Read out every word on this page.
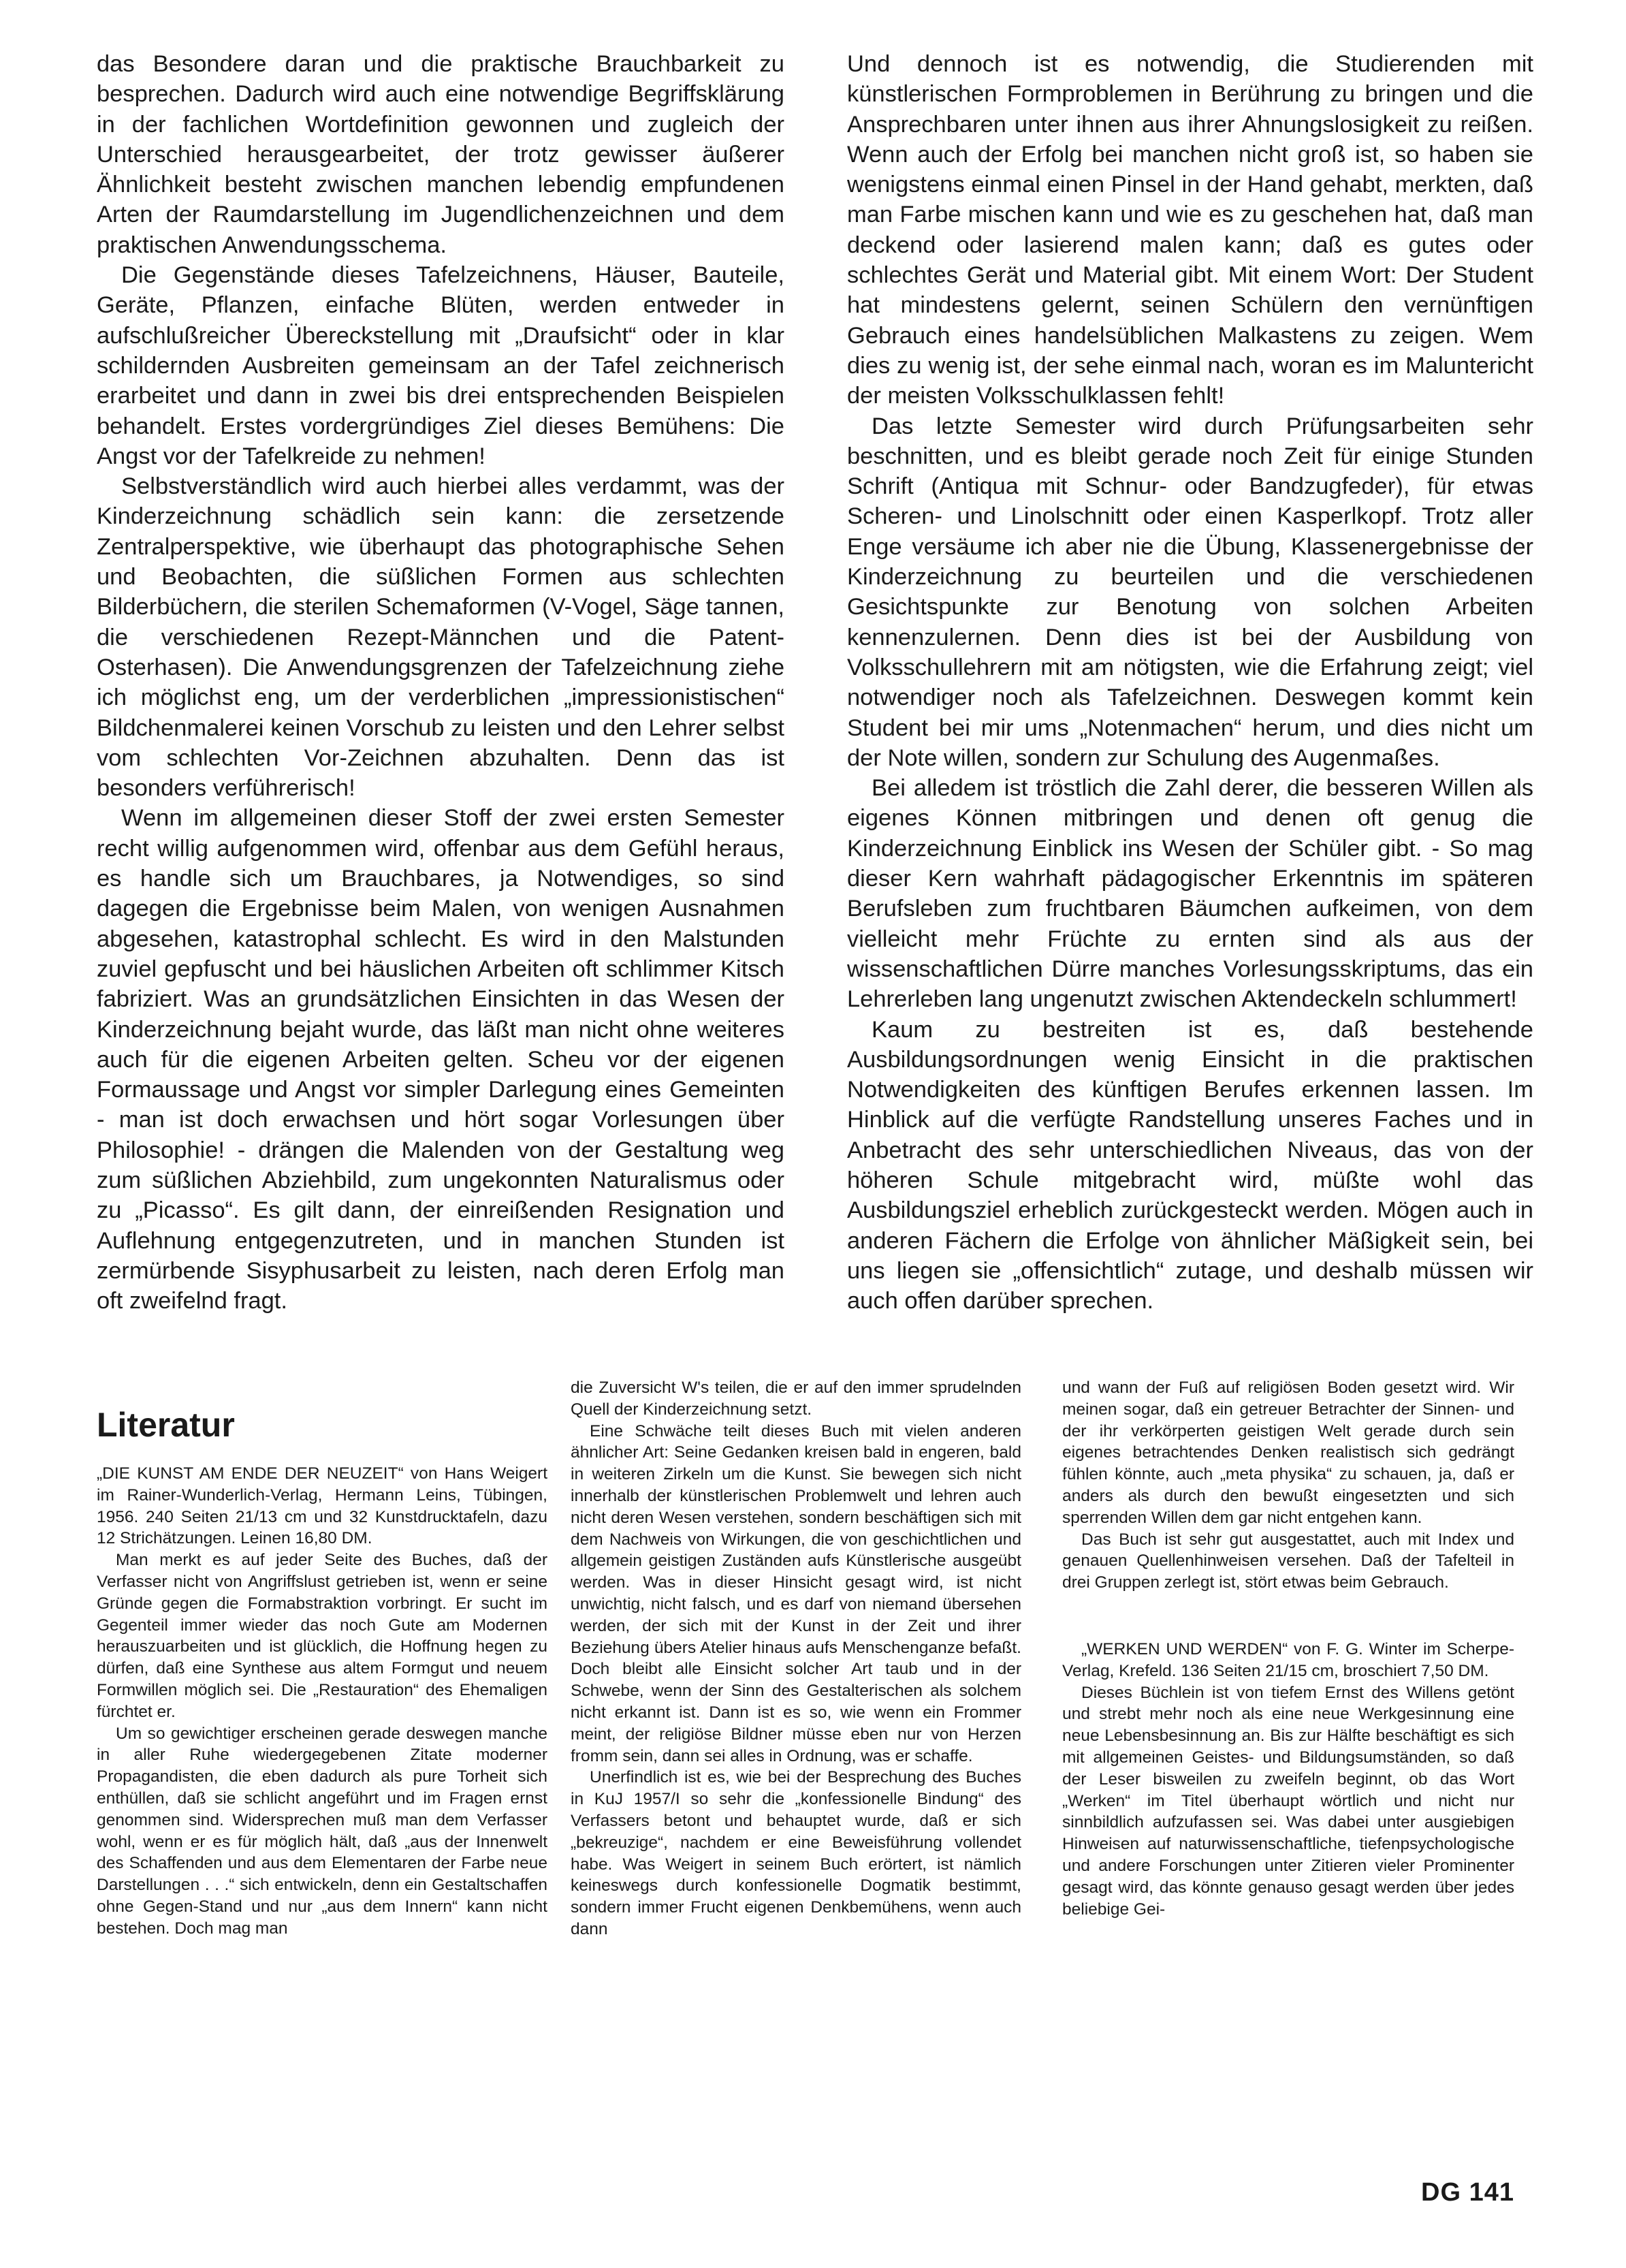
das Besondere daran und die praktische Brauchbarkeit zu besprechen. Dadurch wird auch eine notwendige Begriffsklärung in der fachlichen Wortdefinition gewonnen und zugleich der Unterschied herausgearbeitet, der trotz gewisser äußerer Ähnlichkeit besteht zwischen manchen lebendig empfundenen Arten der Raumdarstellung im Jugendlichenzeichnen und dem praktischen Anwendungsschema.

Die Gegenstände dieses Tafelzeichnens, Häuser, Bauteile, Geräte, Pflanzen, einfache Blüten, werden entweder in aufschlußreicher Übereckstellung mit „Draufsicht“ oder in klar schildernden Ausbreiten gemeinsam an der Tafel zeichnerisch erarbeitet und dann in zwei bis drei entsprechenden Beispielen behandelt. Erstes vordergründiges Ziel dieses Bemühens: Die Angst vor der Tafelkreide zu nehmen!

Selbstverständlich wird auch hierbei alles verdammt, was der Kinderzeichnung schädlich sein kann: die zersetzende Zentralperspektive, wie überhaupt das photographische Sehen und Beobachten, die süßlichen Formen aus schlechten Bilderbüchern, die sterilen Schemaformen (V-Vogel, Säge tannen, die verschiedenen Rezept-Männchen und die Patent-Osterhasen). Die Anwendungsgrenzen der Tafelzeichnung ziehe ich möglichst eng, um der verderblichen „impressionistischen“ Bildchenmalerei keinen Vorschub zu leisten und den Lehrer selbst vom schlechten Vor-Zeichnen abzuhalten. Denn das ist besonders verführerisch!

Wenn im allgemeinen dieser Stoff der zwei ersten Semester recht willig aufgenommen wird, offenbar aus dem Gefühl heraus, es handle sich um Brauchbares, ja Notwendiges, so sind dagegen die Ergebnisse beim Malen, von wenigen Ausnahmen abgesehen, katastrophal schlecht. Es wird in den Malstunden zuviel gepfuscht und bei häuslichen Arbeiten oft schlimmer Kitsch fabriziert. Was an grundsätzlichen Einsichten in das Wesen der Kinderzeichnung bejaht wurde, das läßt man nicht ohne weiteres auch für die eigenen Arbeiten gelten. Scheu vor der eigenen Formaussage und Angst vor simpler Darlegung eines Gemeinten - man ist doch erwachsen und hört sogar Vorlesungen über Philosophie! - drängen die Malenden von der Gestaltung weg zum süßlichen Abziehbild, zum ungekonnten Naturalismus oder zu „Picasso“. Es gilt dann, der einreißenden Resignation und Auflehnung entgegenzutreten, und in manchen Stunden ist zermürbende Sisyphusarbeit zu leisten, nach deren Erfolg man oft zweifelnd fragt.

Und dennoch ist es notwendig, die Studierenden mit künstlerischen Formproblemen in Berührung zu bringen und die Ansprechbaren unter ihnen aus ihrer Ahnungslosigkeit zu reißen. Wenn auch der Erfolg bei manchen nicht groß ist, so haben sie wenigstens einmal einen Pinsel in der Hand gehabt, merkten, daß man Farbe mischen kann und wie es zu geschehen hat, daß man deckend oder lasierend malen kann; daß es gutes oder schlechtes Gerät und Material gibt. Mit einem Wort: Der Student hat mindestens gelernt, seinen Schülern den vernünftigen Gebrauch eines handelsüblichen Malkastens zu zeigen. Wem dies zu wenig ist, der sehe einmal nach, woran es im Maluntericht der meisten Volksschulklassen fehlt!

Das letzte Semester wird durch Prüfungsarbeiten sehr beschnitten, und es bleibt gerade noch Zeit für einige Stunden Schrift (Antiqua mit Schnur- oder Bandzugfeder), für etwas Scheren- und Linolschnitt oder einen Kasperlkopf. Trotz aller Enge versäume ich aber nie die Übung, Klassenergebnisse der Kinderzeichnung zu beurteilen und die verschiedenen Gesichtspunkte zur Benotung von solchen Arbeiten kennenzulernen. Denn dies ist bei der Ausbildung von Volksschullehrern mit am nötigsten, wie die Erfahrung zeigt; viel notwendiger noch als Tafelzeichnen. Deswegen kommt kein Student bei mir ums „Notenmachen“ herum, und dies nicht um der Note willen, sondern zur Schulung des Augenmaßes.

Bei alledem ist tröstlich die Zahl derer, die besseren Willen als eigenes Können mitbringen und denen oft genug die Kinderzeichnung Einblick ins Wesen der Schüler gibt. - So mag dieser Kern wahrhaft pädagogischer Erkenntnis im späteren Berufsleben zum fruchtbaren Bäumchen aufkeimen, von dem vielleicht mehr Früchte zu ernten sind als aus der wissenschaftlichen Dürre manches Vorlesungsskriptums, das ein Lehrerleben lang ungenutzt zwischen Aktendeckeln schlummert!

Kaum zu bestreiten ist es, daß bestehende Ausbildungsordnungen wenig Einsicht in die praktischen Notwendigkeiten des künftigen Berufes erkennen lassen. Im Hinblick auf die verfügte Randstellung unseres Faches und in Anbetracht des sehr unterschiedlichen Niveaus, das von der höheren Schule mitgebracht wird, müßte wohl das Ausbildungsziel erheblich zurückgesteckt werden. Mögen auch in anderen Fächern die Erfolge von ähnlicher Mäßigkeit sein, bei uns liegen sie „offensichtlich“ zutage, und deshalb müssen wir auch offen darüber sprechen.

Literatur

„DIE KUNST AM ENDE DER NEUZEIT“ von Hans Weigert im Rainer-Wunderlich-Verlag, Hermann Leins, Tübingen, 1956. 240 Seiten 21/13 cm und 32 Kunstdrucktafeln, dazu 12 Strichätzungen. Leinen 16,80 DM.

Man merkt es auf jeder Seite des Buches, daß der Verfasser nicht von Angriffslust getrieben ist, wenn er seine Gründe gegen die Formabstraktion vorbringt. Er sucht im Gegenteil immer wieder das noch Gute am Modernen herauszuarbeiten und ist glücklich, die Hoffnung hegen zu dürfen, daß eine Synthese aus altem Formgut und neuem Formwillen möglich sei. Die „Restauration“ des Ehemaligen fürchtet er.

Um so gewichtiger erscheinen gerade deswegen manche in aller Ruhe wiedergegebenen Zitate moderner Propagandisten, die eben dadurch als pure Torheit sich enthüllen, daß sie schlicht angeführt und im Fragen ernst genommen sind. Widersprechen muß man dem Verfasser wohl, wenn er es für möglich hält, daß „aus der Innenwelt des Schaffenden und aus dem Elementaren der Farbe neue Darstellungen . . .“ sich entwickeln, denn ein Gestaltschaffen ohne Gegen-Stand und nur „aus dem Innern“ kann nicht bestehen. Doch mag man

die Zuversicht W's teilen, die er auf den immer sprudelnden Quell der Kinderzeichnung setzt.

Eine Schwäche teilt dieses Buch mit vielen anderen ähnlicher Art: Seine Gedanken kreisen bald in engeren, bald in weiteren Zirkeln um die Kunst. Sie bewegen sich nicht innerhalb der künstlerischen Problemwelt und lehren auch nicht deren Wesen verstehen, sondern beschäftigen sich mit dem Nachweis von Wirkungen, die von geschichtlichen und allgemein geistigen Zuständen aufs Künstlerische ausgeübt werden. Was in dieser Hinsicht gesagt wird, ist nicht unwichtig, nicht falsch, und es darf von niemand übersehen werden, der sich mit der Kunst in der Zeit und ihrer Beziehung übers Atelier hinaus aufs Menschenganze befaßt. Doch bleibt alle Einsicht solcher Art taub und in der Schwebe, wenn der Sinn des Gestalterischen als solchem nicht erkannt ist. Dann ist es so, wie wenn ein Frommer meint, der religiöse Bildner müsse eben nur von Herzen fromm sein, dann sei alles in Ordnung, was er schaffe.

Unerfindlich ist es, wie bei der Besprechung des Buches in KuJ 1957/I so sehr die „konfessionelle Bindung“ des Verfassers betont und behauptet wurde, daß er sich „bekreuzige“, nachdem er eine Beweisführung vollendet habe. Was Weigert in seinem Buch erörtert, ist nämlich keineswegs durch konfessionelle Dogmatik bestimmt, sondern immer Frucht eigenen Denkbemühens, wenn auch dann

und wann der Fuß auf religiösen Boden gesetzt wird. Wir meinen sogar, daß ein getreuer Betrachter der Sinnen- und der ihr verkörperten geistigen Welt gerade durch sein eigenes betrachtendes Denken realistisch sich gedrängt fühlen könnte, auch „meta physika“ zu schauen, ja, daß er anders als durch den bewußt eingesetzten und sich sperrenden Willen dem gar nicht entgehen kann.

Das Buch ist sehr gut ausgestattet, auch mit Index und genauen Quellenhinweisen versehen. Daß der Tafelteil in drei Gruppen zerlegt ist, stört etwas beim Gebrauch.

„WERKEN UND WERDEN“ von F. G. Winter im Scherpe-Verlag, Krefeld. 136 Seiten 21/15 cm, broschiert 7,50 DM.

Dieses Büchlein ist von tiefem Ernst des Willens getönt und strebt mehr noch als eine neue Werkgesinnung eine neue Lebensbesinnung an. Bis zur Hälfte beschäftigt es sich mit allgemeinen Geistes- und Bildungsumständen, so daß der Leser bisweilen zu zweifeln beginnt, ob das Wort „Werken“ im Titel überhaupt wörtlich und nicht nur sinnbildlich aufzufassen sei. Was dabei unter ausgiebigen Hinweisen auf naturwissenschaftliche, tiefenpsychologische und andere Forschungen unter Zitieren vieler Prominenter gesagt wird, das könnte genauso gesagt werden über jedes beliebige Gei-

DG 141
